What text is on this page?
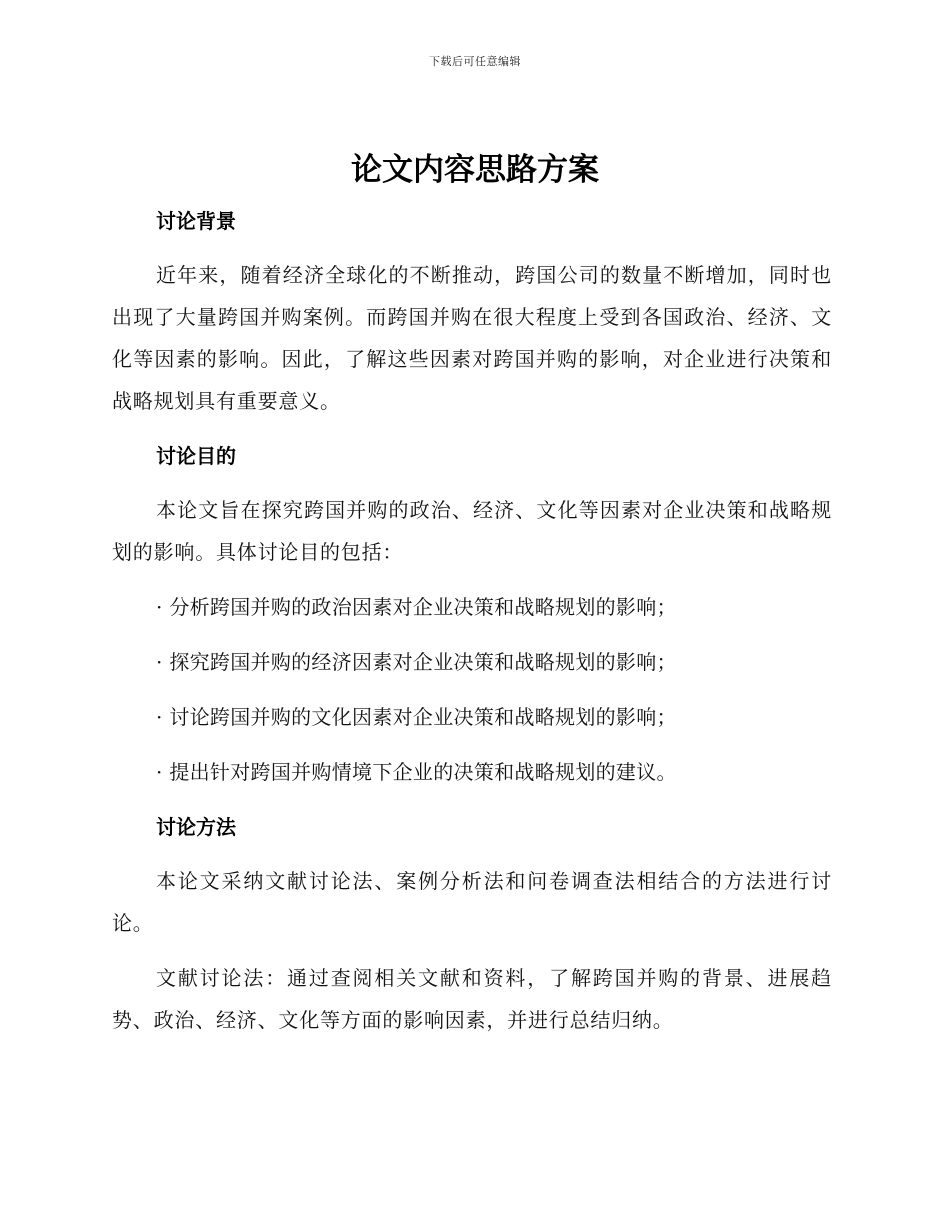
下载后可任意编辑
论文内容思路方案
讨论背景

近年来，随着经济全球化的不断推动，跨国公司的数量不断增加，同时也出现了大量跨国并购案例。而跨国并购在很大程度上受到各国政治、经济、文化等因素的影响。因此，了解这些因素对跨国并购的影响，对企业进行决策和战略规划具有重要意义。

讨论目的

本论文旨在探究跨国并购的政治、经济、文化等因素对企业决策和战略规划的影响。具体讨论目的包括：

· 分析跨国并购的政治因素对企业决策和战略规划的影响；

· 探究跨国并购的经济因素对企业决策和战略规划的影响；

· 讨论跨国并购的文化因素对企业决策和战略规划的影响；

· 提出针对跨国并购情境下企业的决策和战略规划的建议。

讨论方法

本论文采纳文献讨论法、案例分析法和问卷调查法相结合的方法进行讨论。

文献讨论法：通过查阅相关文献和资料，了解跨国并购的背景、进展趋势、政治、经济、文化等方面的影响因素，并进行总结归纳。
